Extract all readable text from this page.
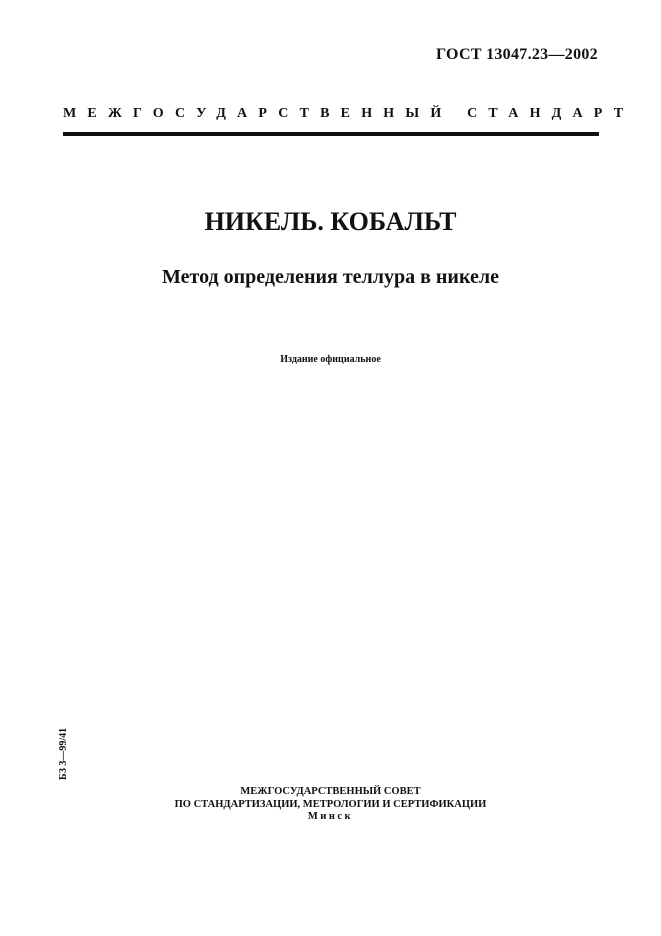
ГОСТ 13047.23—2002
МЕЖГОСУДАРСТВЕННЫЙ СТАНДАРТ
НИКЕЛЬ. КОБАЛЬТ
Метод определения теллура в никеле
Издание официальное
БЗ 3—99/41
МЕЖГОСУДАРСТВЕННЫЙ СОВЕТ
ПО СТАНДАРТИЗАЦИИ, МЕТРОЛОГИИ И СЕРТИФИКАЦИИ
Минск
